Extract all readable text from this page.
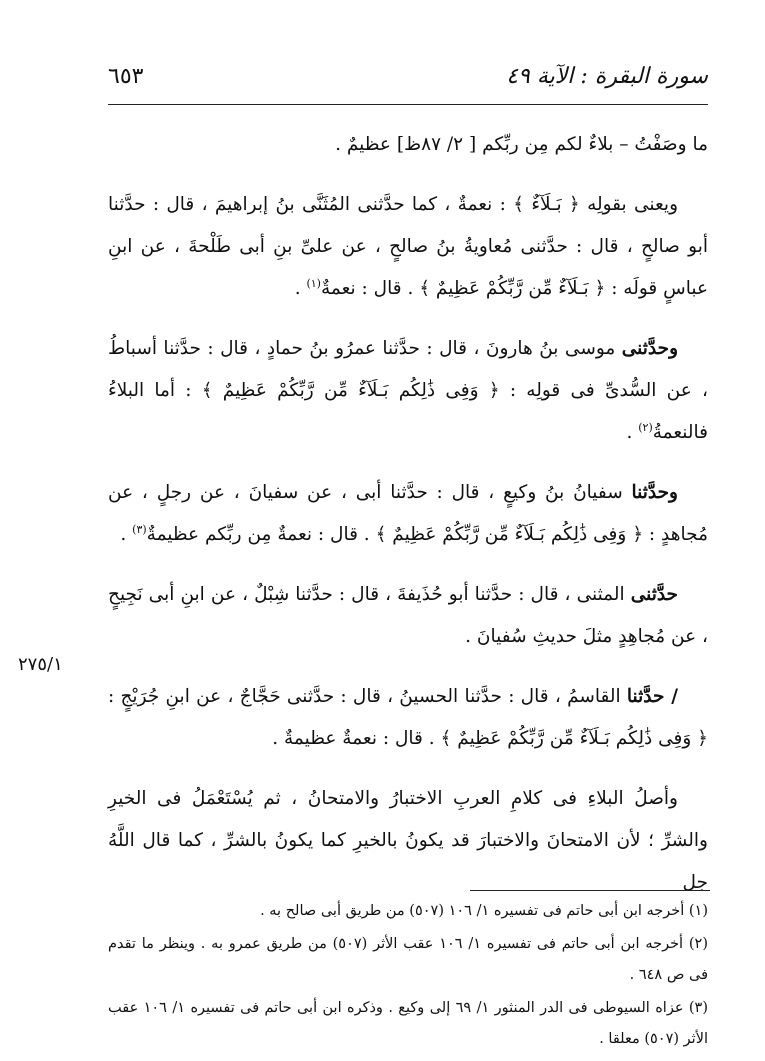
سورة البقرة : الآية ٤٩
٦٥٣
٢٧٥/١

ما وصَفْتُ – بلاءٌ لكم مِن ربِّكم [ ٢/ ٨٧ظ] عظيمٌ .

ويعنى بقولِه ﴿ بَـلَآءٌ ﴾ : نعمةٌ ، كما حدَّثنى المُثَنَّى بنُ إبراهيمَ ، قال : حدَّثنا أبو صالحٍ ، قال : حدَّثنى مُعاويةُ بنُ صالحٍ ، عن علىِّ بنِ أبى طَلْحةَ ، عن ابنِ عباسٍ قولَه : ﴿ بَـلَآءٌ مِّن رَّبِّكُمْ عَظِيمٌ ﴾ . قال : نعمةٌ$^{(١)}$ .

وحدَّثنى موسى بنُ هارونَ ، قال : حدَّثنا عمرُو بنُ حمادٍ ، قال : حدَّثنا أسباطُ ، عن السُّدىِّ فى قولِه : ﴿ وَفِى ذَٰلِكُم بَـلَآءٌ مِّن رَّبِّكُمْ عَظِيمٌ ﴾ : أما البلاءُ فالنعمةُ$^{(٢)}$ .

وحدَّثنا سفيانُ بنُ وكيعٍ ، قال : حدَّثنا أبى ، عن سفيانَ ، عن رجلٍ ، عن مُجاهدٍ : ﴿ وَفِى ذَٰلِكُم بَـلَآءٌ مِّن رَّبِّكُمْ عَظِيمٌ ﴾ . قال : نعمةٌ مِن ربِّكم عظيمةٌ$^{(٣)}$ .

حدَّثنى المثنى ، قال : حدَّثنا أبو حُذَيفةَ ، قال : حدَّثنا شِبْلٌ ، عن ابنِ أبى نَجِيحٍ ، عن مُجاهِدٍ مثلَ حديثِ سُفيانَ .

/ حدَّثنا القاسمُ ، قال : حدَّثنا الحسينُ ، قال : حدَّثنى حَجَّاجٌ ، عن ابنِ جُرَيْجٍ : ﴿ وَفِى ذَٰلِكُم بَـلَآءٌ مِّن رَّبِّكُمْ عَظِيمٌ ﴾ . قال : نعمةٌ عظيمةٌ .

وأصلُ البلاءِ فى كلامِ العربِ الاختبارُ والامتحانُ ، ثم يُسْتَعْمَلُ فى الخيرِ والشرِّ ؛ لأن الامتحانَ والاختبارَ قد يكونُ بالخيرِ كما يكونُ بالشرِّ ، كما قال اللَّهُ جل

(١) أخرجه ابن أبى حاتم فى تفسيره ١/ ١٠٦ (٥٠٧) من طريق أبى صالح به .

(٢) أخرجه ابن أبى حاتم فى تفسيره ١/ ١٠٦ عقب الأثر (٥٠٧) من طريق عمرو به . وينظر ما تقدم فى ص ٦٤٨ .

(٣) عزاه السيوطى فى الدر المنثور ١/ ٦٩ إلى وكيع . وذكره ابن أبى حاتم فى تفسيره ١/ ١٠٦ عقب الأثر (٥٠٧) معلقا .
